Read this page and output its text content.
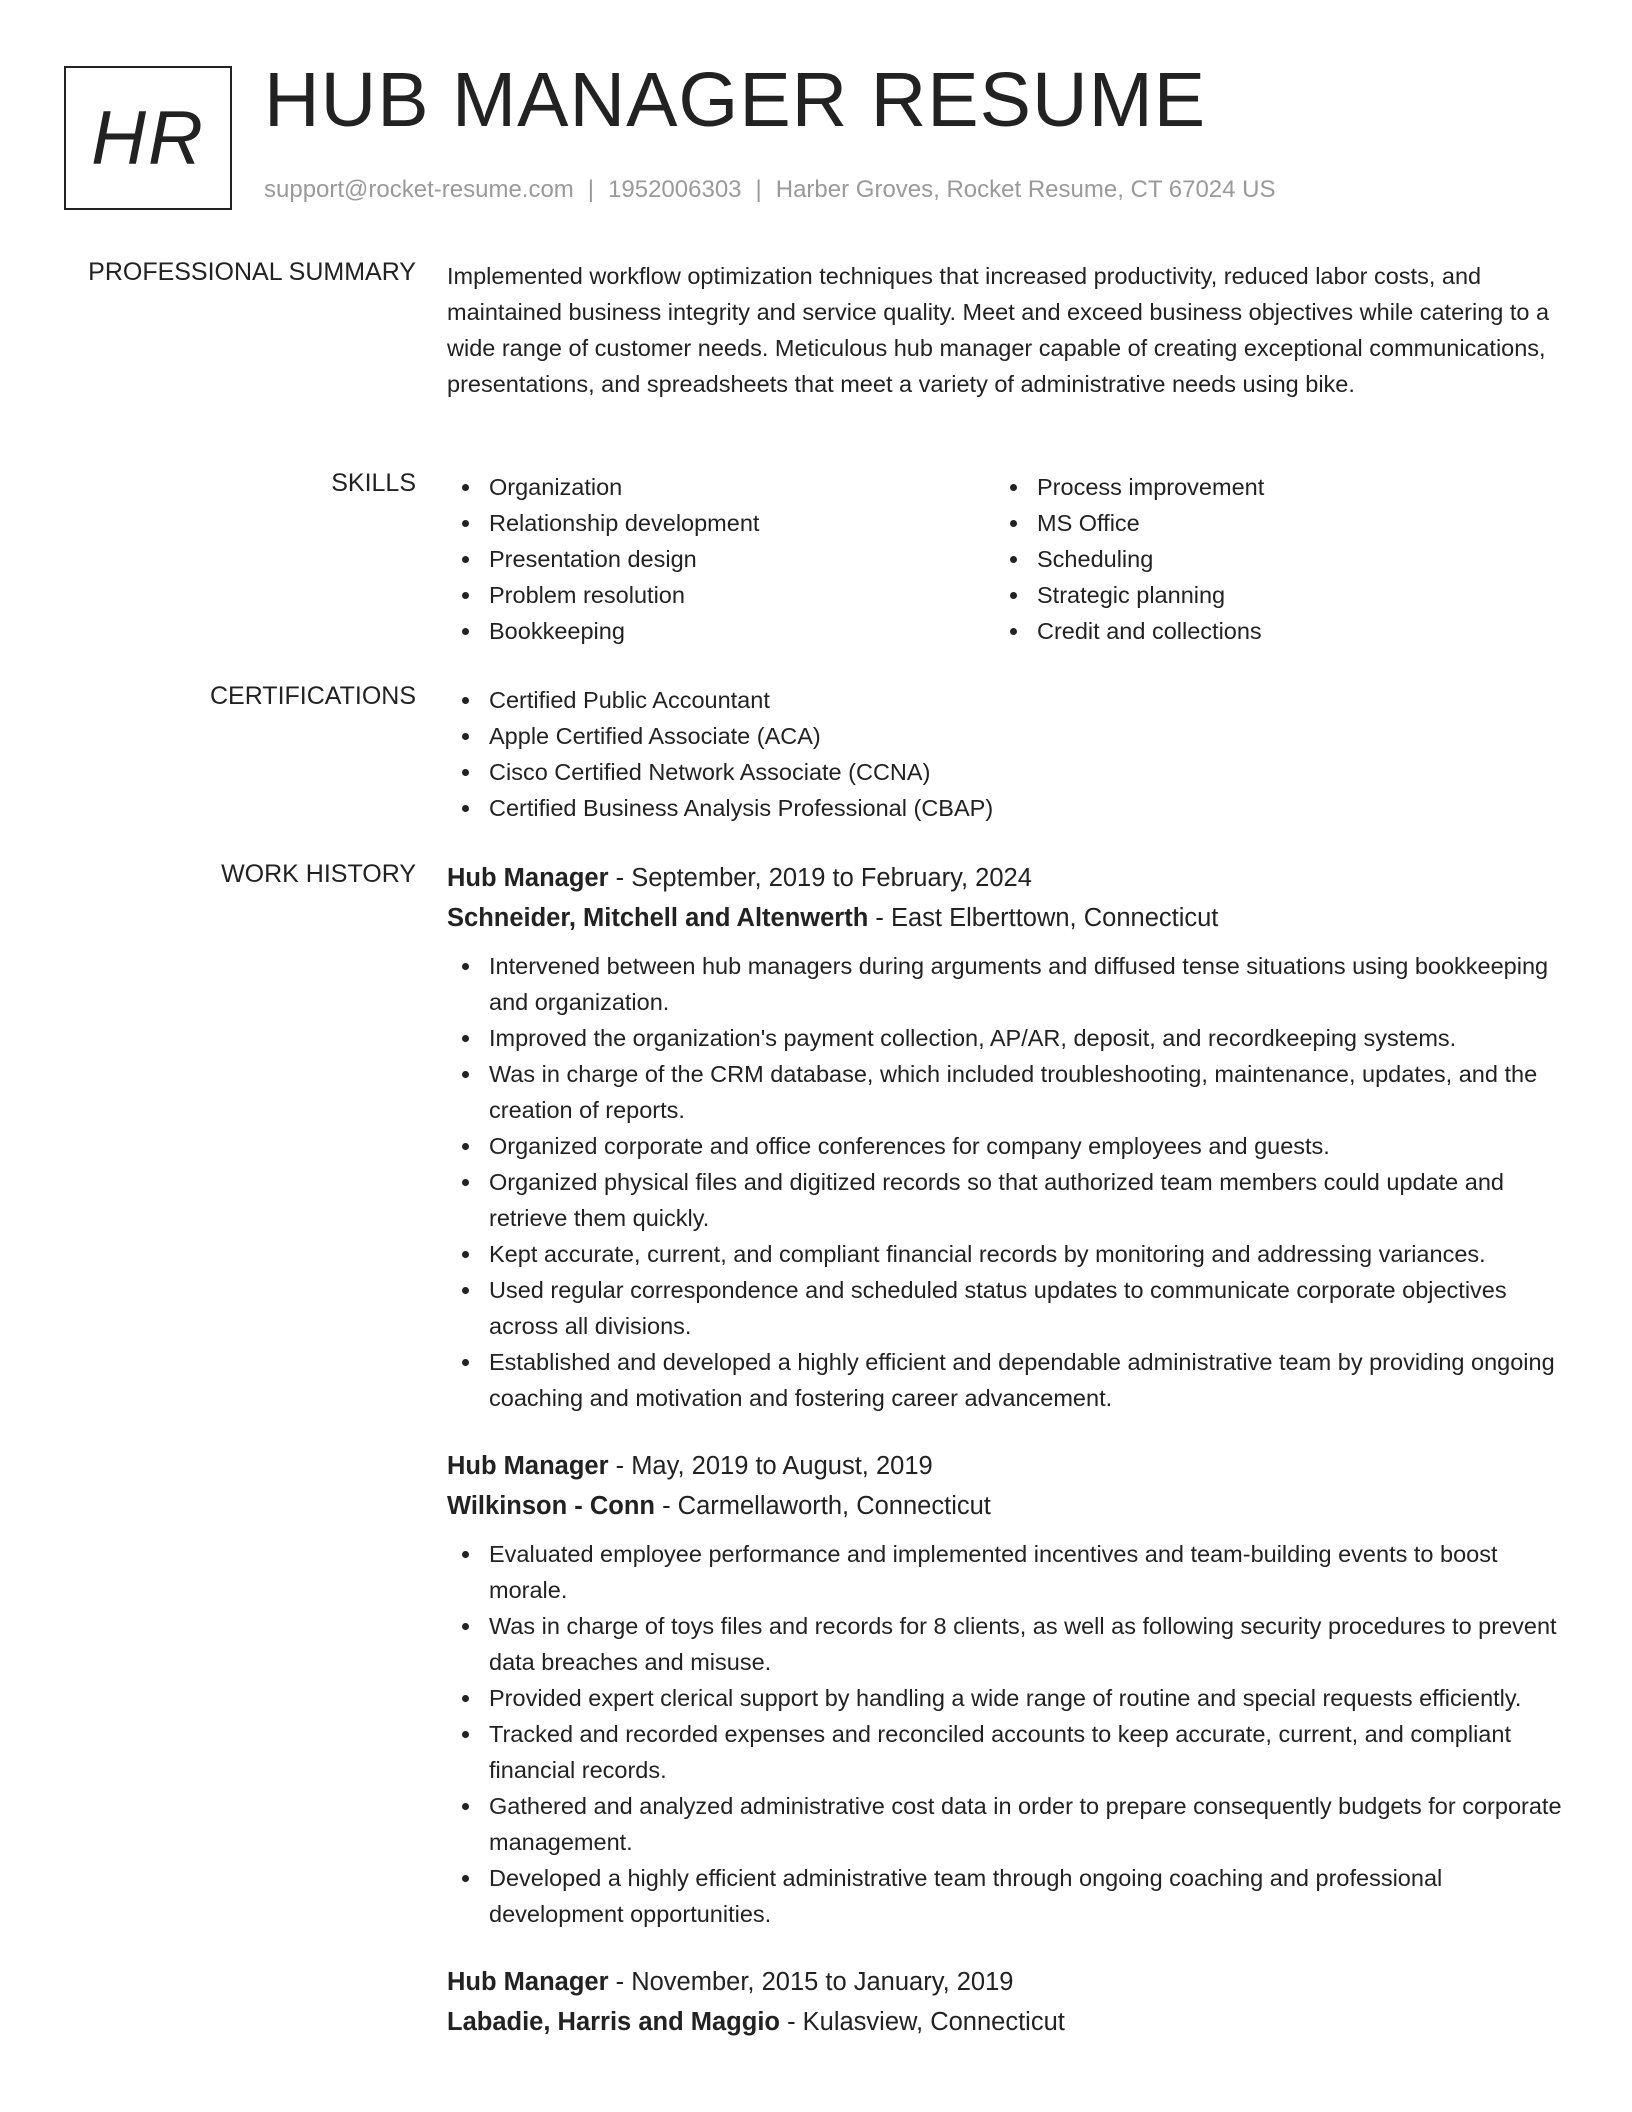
HR HUB MANAGER RESUME
support@rocket-resume.com | 1952006303 | Harber Groves, Rocket Resume, CT 67024 US
PROFESSIONAL SUMMARY Implemented workflow optimization techniques that increased productivity, reduced labor costs, and maintained business integrity and service quality. Meet and exceed business objectives while catering to a wide range of customer needs. Meticulous hub manager capable of creating exceptional communications, presentations, and spreadsheets that meet a variety of administrative needs using bike.
SKILLS	Organization
Relationship development
Presentation design
Problem resolution
Bookkeeping
Process improvement
MS Office
Scheduling
Strategic planning
Credit and collections
CERTIFICATIONS	Certified Public Accountant
Apple Certified Associate (ACA)
Cisco Certified Network Associate (CCNA)
Certified Business Analysis Professional (CBAP)
WORK HISTORY Hub Manager - September, 2019 to February, 2024
Schneider, Mitchell and Altenwerth - East Elberttown, Connecticut
Intervened between hub managers during arguments and diffused tense situations using bookkeeping and organization.
Improved the organization's payment collection, AP/AR, deposit, and recordkeeping systems.
Was in charge of the CRM database, which included troubleshooting, maintenance, updates, and the creation of reports.
Organized corporate and office conferences for company employees and guests.
Organized physical files and digitized records so that authorized team members could update and retrieve them quickly.
Kept accurate, current, and compliant financial records by monitoring and addressing variances.
Used regular correspondence and scheduled status updates to communicate corporate objectives across all divisions.
Established and developed a highly efficient and dependable administrative team by providing ongoing coaching and motivation and fostering career advancement.
Hub Manager - May, 2019 to August, 2019
Wilkinson - Conn - Carmellaworth, Connecticut
Evaluated employee performance and implemented incentives and team-building events to boost morale.
Was in charge of toys files and records for 8 clients, as well as following security procedures to prevent data breaches and misuse.
Provided expert clerical support by handling a wide range of routine and special requests efficiently.
Tracked and recorded expenses and reconciled accounts to keep accurate, current, and compliant financial records.
Gathered and analyzed administrative cost data in order to prepare consequently budgets for corporate management.
Developed a highly efficient administrative team through ongoing coaching and professional development opportunities.
Hub Manager - November, 2015 to January, 2019
Labadie, Harris and Maggio - Kulasview, Connecticut
